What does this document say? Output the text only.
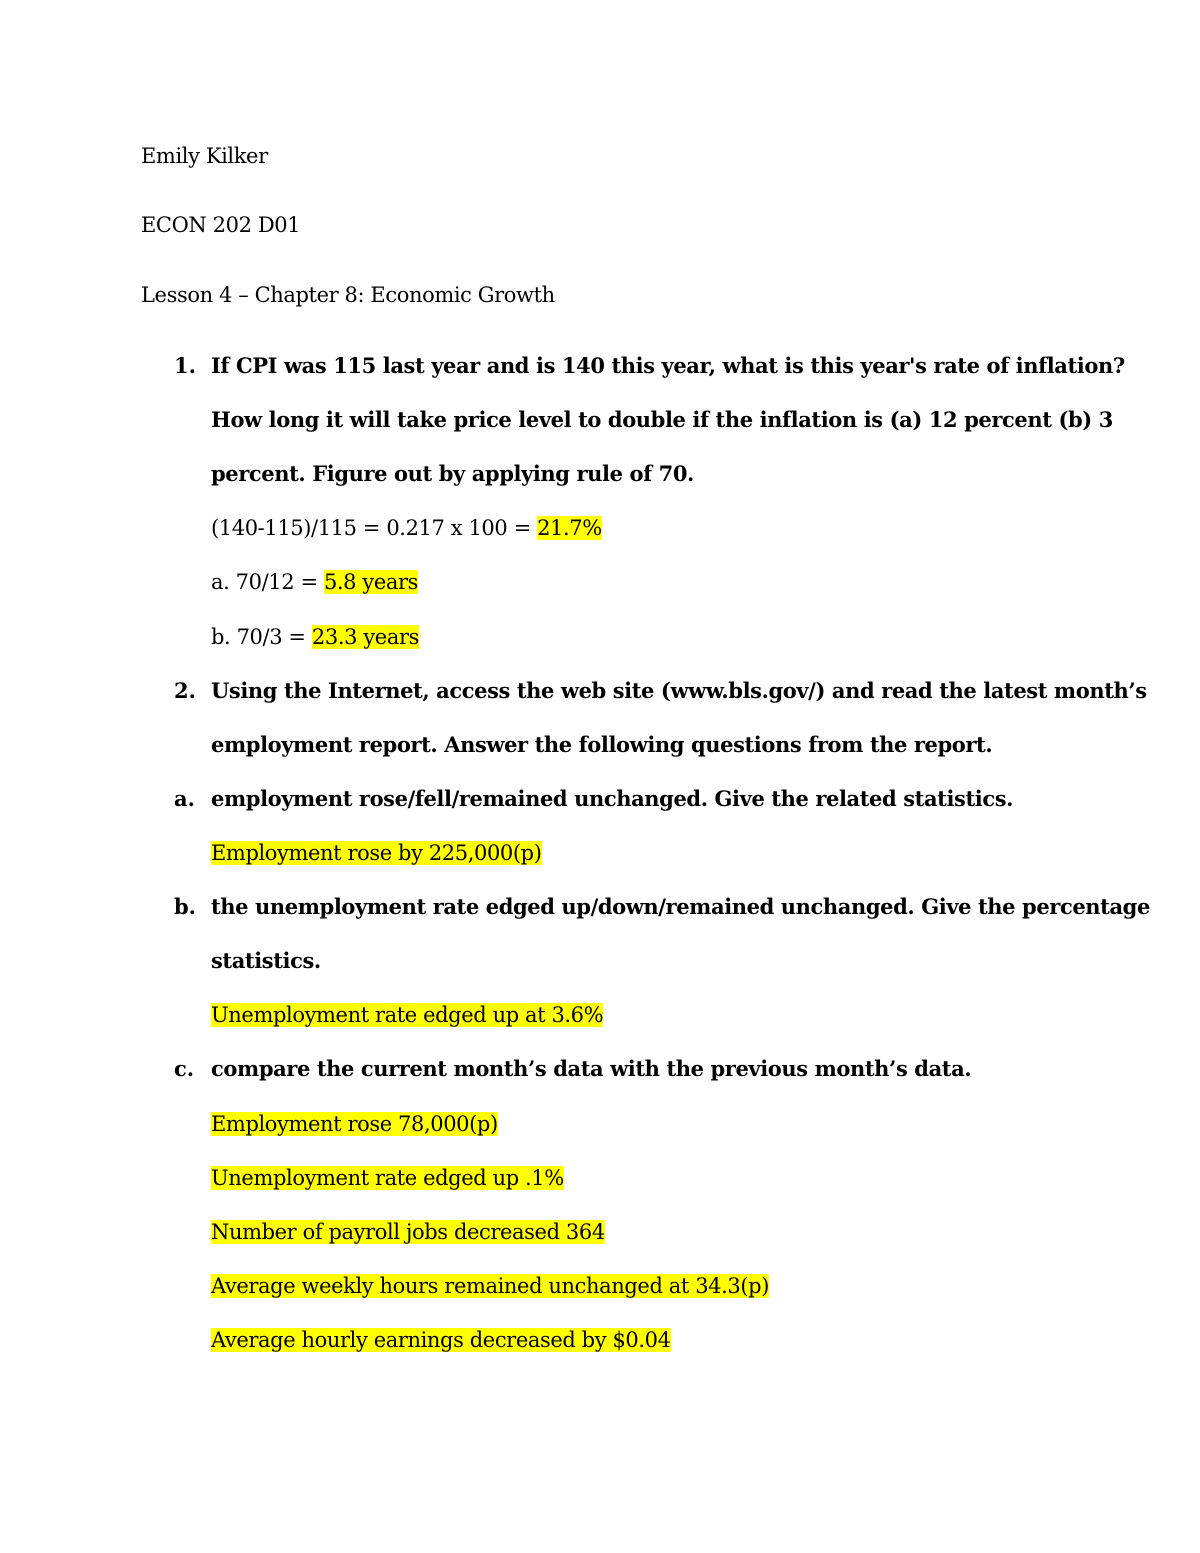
Emily Kilker
ECON 202 D01
Lesson 4 – Chapter 8: Economic Growth
1. If CPI was 115 last year and is 140 this year, what is this year's rate of inflation?
How long it will take price level to double if the inflation is (a) 12 percent (b) 3
percent. Figure out by applying rule of 70.
(140-115)/115 = 0.217 x 100 = 21.7%
a. 70/12 = 5.8 years
b. 70/3 = 23.3 years
2. Using the Internet, access the web site (www.bls.gov/) and read the latest month’s
employment report. Answer the following questions from the report.
a. employment rose/fell/remained unchanged. Give the related statistics.
Employment rose by 225,000(p)
b. the unemployment rate edged up/down/remained unchanged. Give the percentage
statistics.
Unemployment rate edged up at 3.6%
c. compare the current month’s data with the previous month’s data.
Employment rose 78,000(p)
Unemployment rate edged up .1%
Number of payroll jobs decreased 364
Average weekly hours remained unchanged at 34.3(p)
Average hourly earnings decreased by $0.04
